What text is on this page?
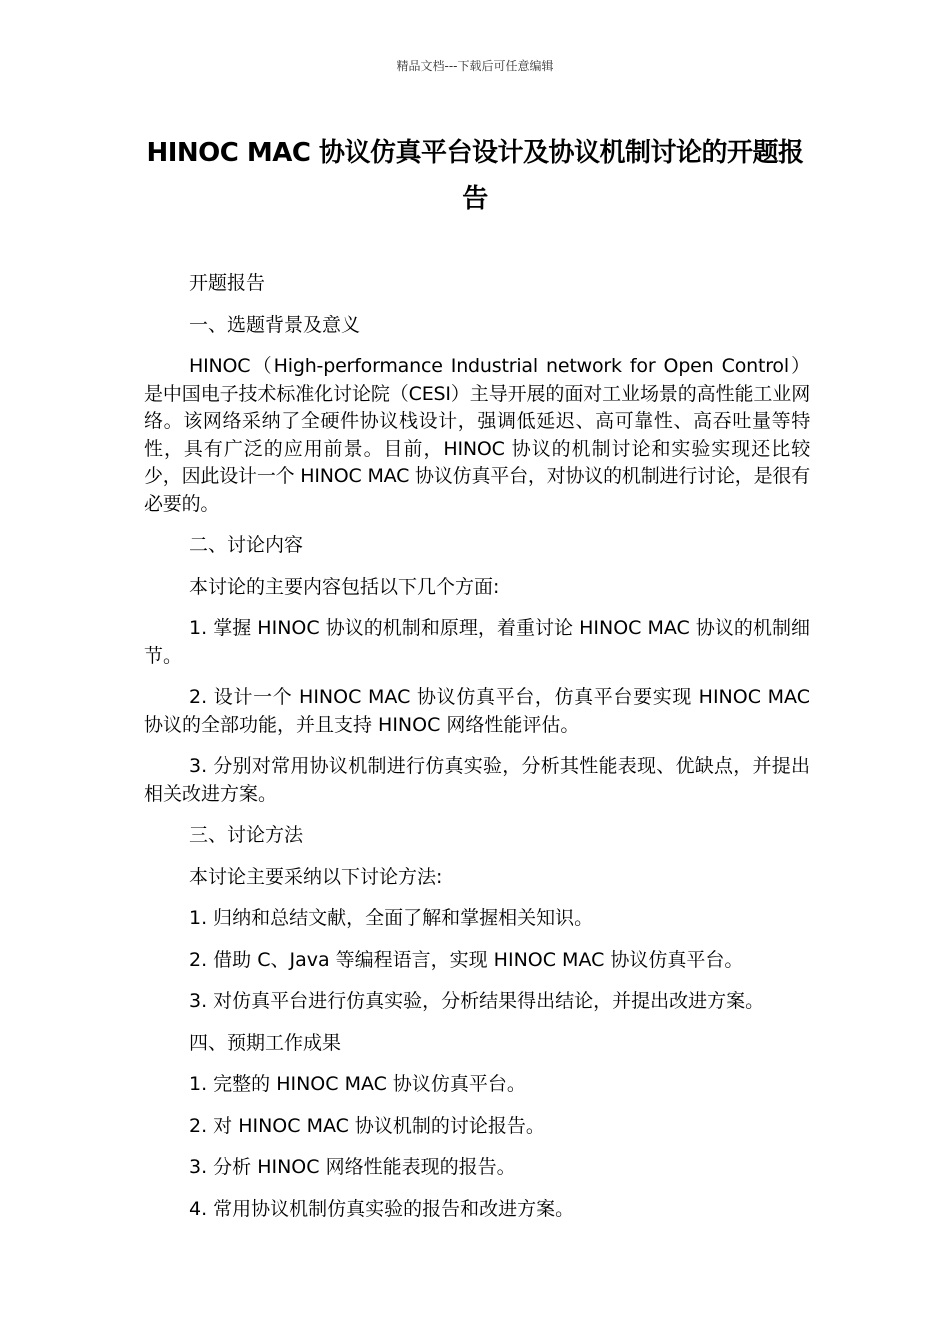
精品文档---下载后可任意编辑
HINOC MAC 协议仿真平台设计及协议机制讨论的开题报告

开题报告

一、选题背景及意义

HINOC（High-performance Industrial network for Open Control）是中国电子技术标准化讨论院（CESI）主导开展的面对工业场景的高性能工业网络。该网络采纳了全硬件协议栈设计，强调低延迟、高可靠性、高吞吐量等特性，具有广泛的应用前景。目前，HINOC 协议的机制讨论和实验实现还比较少，因此设计一个 HINOC MAC 协议仿真平台，对协议的机制进行讨论，是很有必要的。

二、讨论内容

本讨论的主要内容包括以下几个方面:

1. 掌握 HINOC 协议的机制和原理，着重讨论 HINOC MAC 协议的机制细节。

2. 设计一个 HINOC MAC 协议仿真平台，仿真平台要实现 HINOC MAC 协议的全部功能，并且支持 HINOC 网络性能评估。

3. 分别对常用协议机制进行仿真实验，分析其性能表现、优缺点，并提出相关改进方案。

三、讨论方法

本讨论主要采纳以下讨论方法:

1. 归纳和总结文献，全面了解和掌握相关知识。

2. 借助 C、Java 等编程语言，实现 HINOC MAC 协议仿真平台。

3. 对仿真平台进行仿真实验，分析结果得出结论，并提出改进方案。

四、预期工作成果

1. 完整的 HINOC MAC 协议仿真平台。

2. 对 HINOC MAC 协议机制的讨论报告。

3. 分析 HINOC 网络性能表现的报告。

4. 常用协议机制仿真实验的报告和改进方案。
